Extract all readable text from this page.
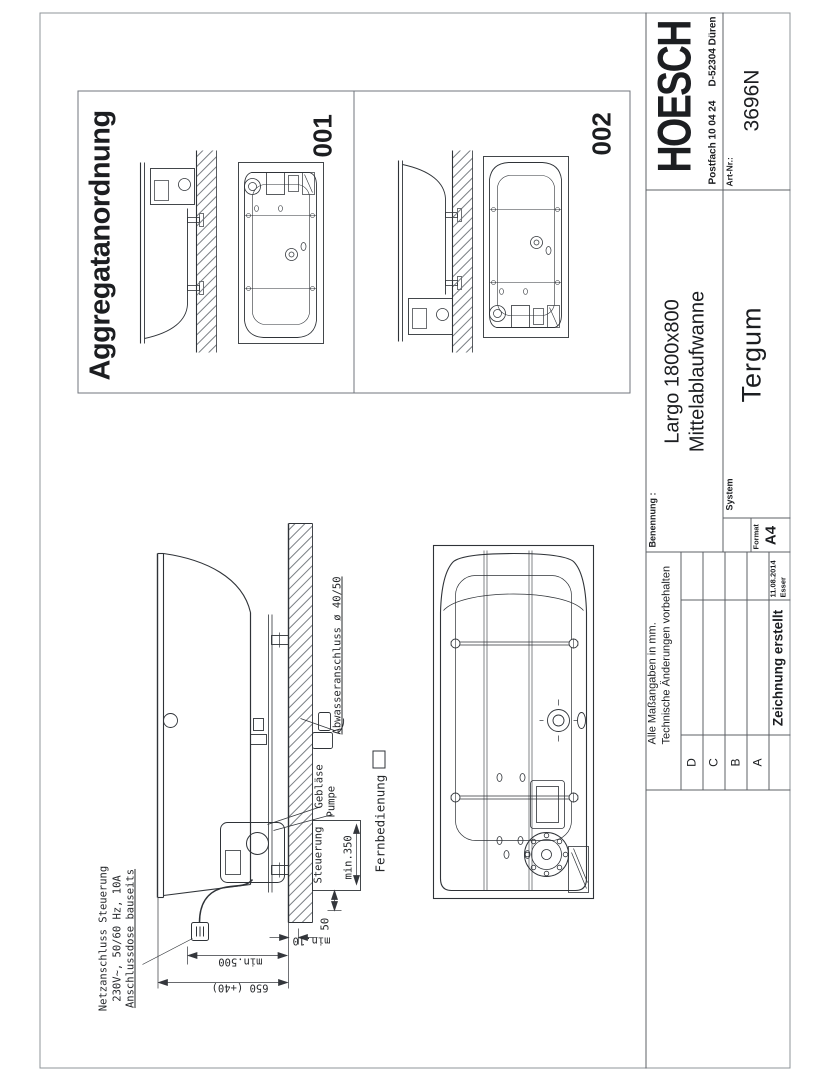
Aggregatanordnung	001	002
Netzanschluss Steuerung 230V~, 50/60 Hz, 10A Anschlussdose bauseits
Abwasseranschluss ø 40/50
Gebläse Pumpe
Steuerung	Fernbedienung
min.350
50
650 (+40)
min.500
min.10
Alle Maßangaben in mm. Technische Änderungen vorbehalten
D C B A
Zeichnung erstellt
11.08.2014 Esser
Benennung :
Largo 1800x800 Mittelablaufwanne
System
Tergum
Format A4
HOESCH Postfach 10 04 24
D-52304 Düren
Art-Nr.:
3696N
